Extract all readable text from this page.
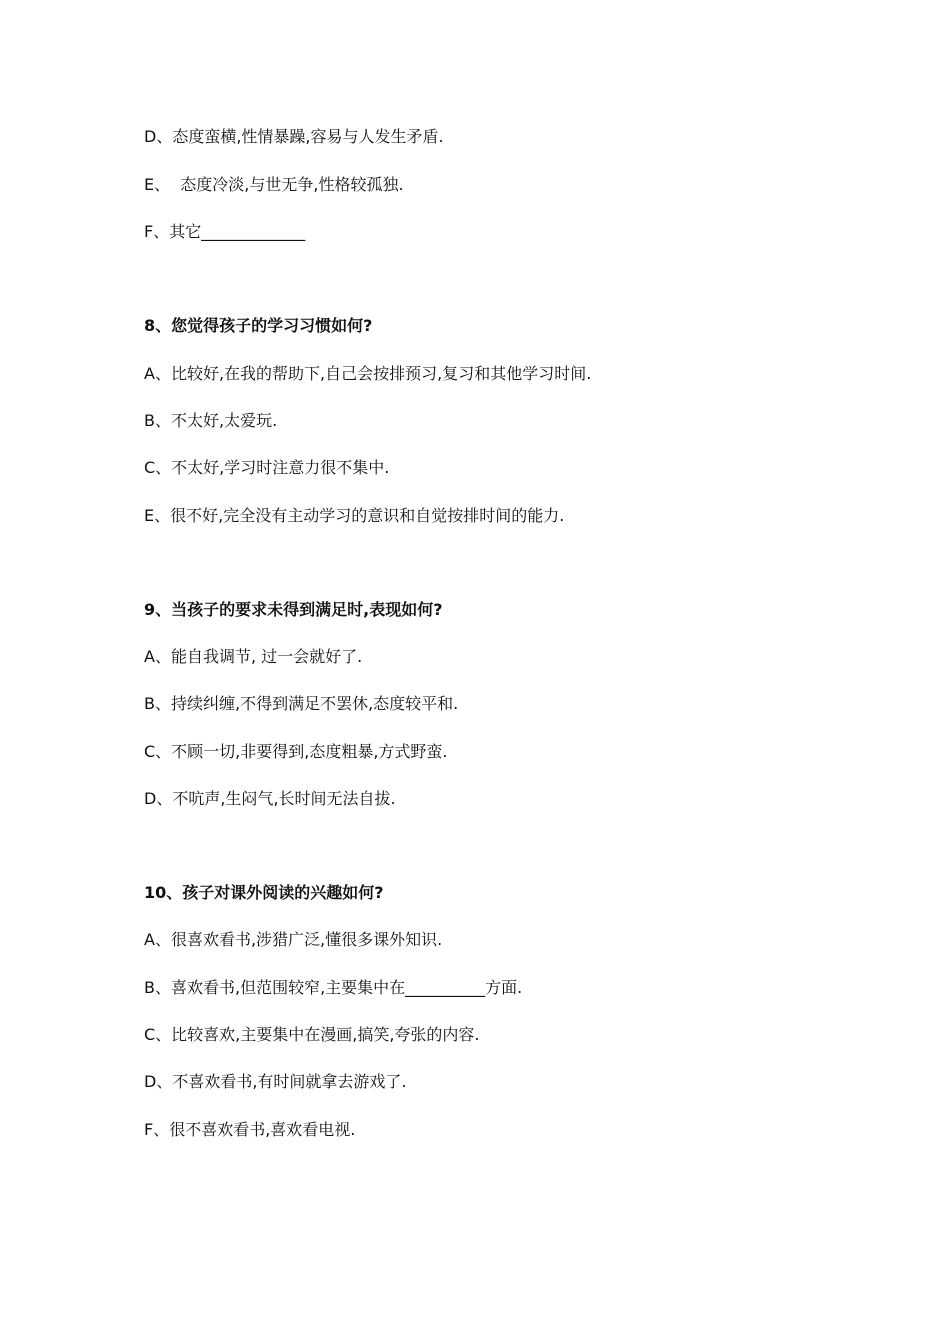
D、态度蛮横,性情暴躁,容易与人发生矛盾.
E、  态度冷淡,与世无争,性格较孤独.
F、其它_____________
8、您觉得孩子的学习习惯如何?
A、比较好,在我的帮助下,自己会按排预习,复习和其他学习时间.
B、不太好,太爱玩.
C、不太好,学习时注意力很不集中.
E、很不好,完全没有主动学习的意识和自觉按排时间的能力.
9、当孩子的要求未得到满足时,表现如何?
A、能自我调节, 过一会就好了.
B、持续纠缠,不得到满足不罢休,态度较平和.
C、不顾一切,非要得到,态度粗暴,方式野蛮.
D、不吭声,生闷气,长时间无法自拔.
10、孩子对课外阅读的兴趣如何?
A、很喜欢看书,涉猎广泛,懂很多课外知识.
B、喜欢看书,但范围较窄,主要集中在__________方面.
C、比较喜欢,主要集中在漫画,搞笑,夸张的内容.
D、不喜欢看书,有时间就拿去游戏了.
F、很不喜欢看书,喜欢看电视.
